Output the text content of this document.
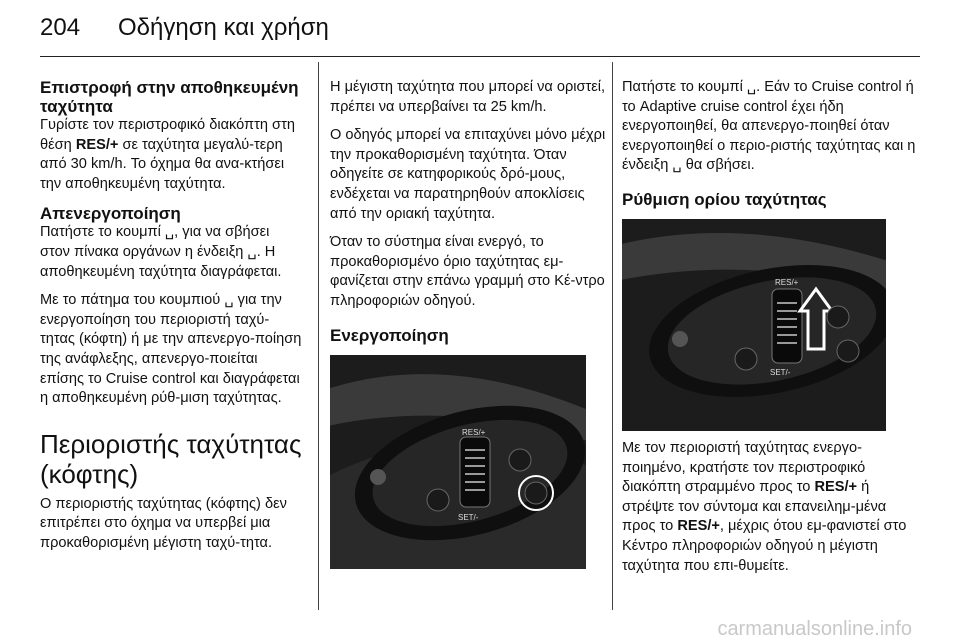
204 Οδήγηση και χρήση
Επιστροφή στην αποθηκευμένη ταχύτητα

Γυρίστε τον περιστροφικό διακόπτη στη θέση RES/+ σε ταχύτητα μεγαλύ-τερη από 30 km/h. Το όχημα θα ανα-κτήσει την αποθηκευμένη ταχύτητα.

Απενεργοποίηση

Πατήστε το κουμπί ␣, για να σβήσει στον πίνακα οργάνων η ένδειξη ␣. Η αποθηκευμένη ταχύτητα διαγράφεται.

Με το πάτημα του κουμπιού ␣ για την ενεργοποίηση του περιοριστή ταχύ-τητας (κόφτη) ή με την απενεργο-ποίηση της ανάφλεξης, απενεργο-ποιείται επίσης το Cruise control και διαγράφεται η αποθηκευμένη ρύθ-μιση ταχύτητας.

Περιοριστής ταχύτητας (κόφτης)

Ο περιοριστής ταχύτητας (κόφτης) δεν επιτρέπει στο όχημα να υπερβεί μια προκαθορισμένη μέγιστη ταχύ-τητα.

Η μέγιστη ταχύτητα που μπορεί να οριστεί, πρέπει να υπερβαίνει τα 25 km/h.

Ο οδηγός μπορεί να επιταχύνει μόνο μέχρι την προκαθορισμένη ταχύτητα. Όταν οδηγείτε σε κατηφορικούς δρό-μους, ενδέχεται να παρατηρηθούν αποκλίσεις από την οριακή ταχύτητα.

Όταν το σύστημα είναι ενεργό, το προκαθορισμένο όριο ταχύτητας εμ-φανίζεται στην επάνω γραμμή στο Κέ-ντρο πληροφοριών οδηγού.

Ενεργοποίηση
RES/+
SET/-

Πατήστε το κουμπί ␣. Εάν το Cruise control ή το Adaptive cruise control έχει ήδη ενεργοποιηθεί, θα απενεργο-ποιηθεί όταν ενεργοποιηθεί ο περιο-ριστής ταχύτητας και η ένδειξη ␣ θα σβήσει.

Ρύθμιση ορίου ταχύτητας
RES/+
SET/-

Με τον περιοριστή ταχύτητας ενεργο-ποιημένο, κρατήστε τον περιστροφικό διακόπτη στραμμένο προς το RES/+ ή στρέψτε τον σύντομα και επανειλημ-μένα προς το RES/+, μέχρις ότου εμ-φανιστεί στο Κέντρο πληροφοριών οδηγού η μέγιστη ταχύτητα που επι-θυμείτε.

carmanualsonline.info
